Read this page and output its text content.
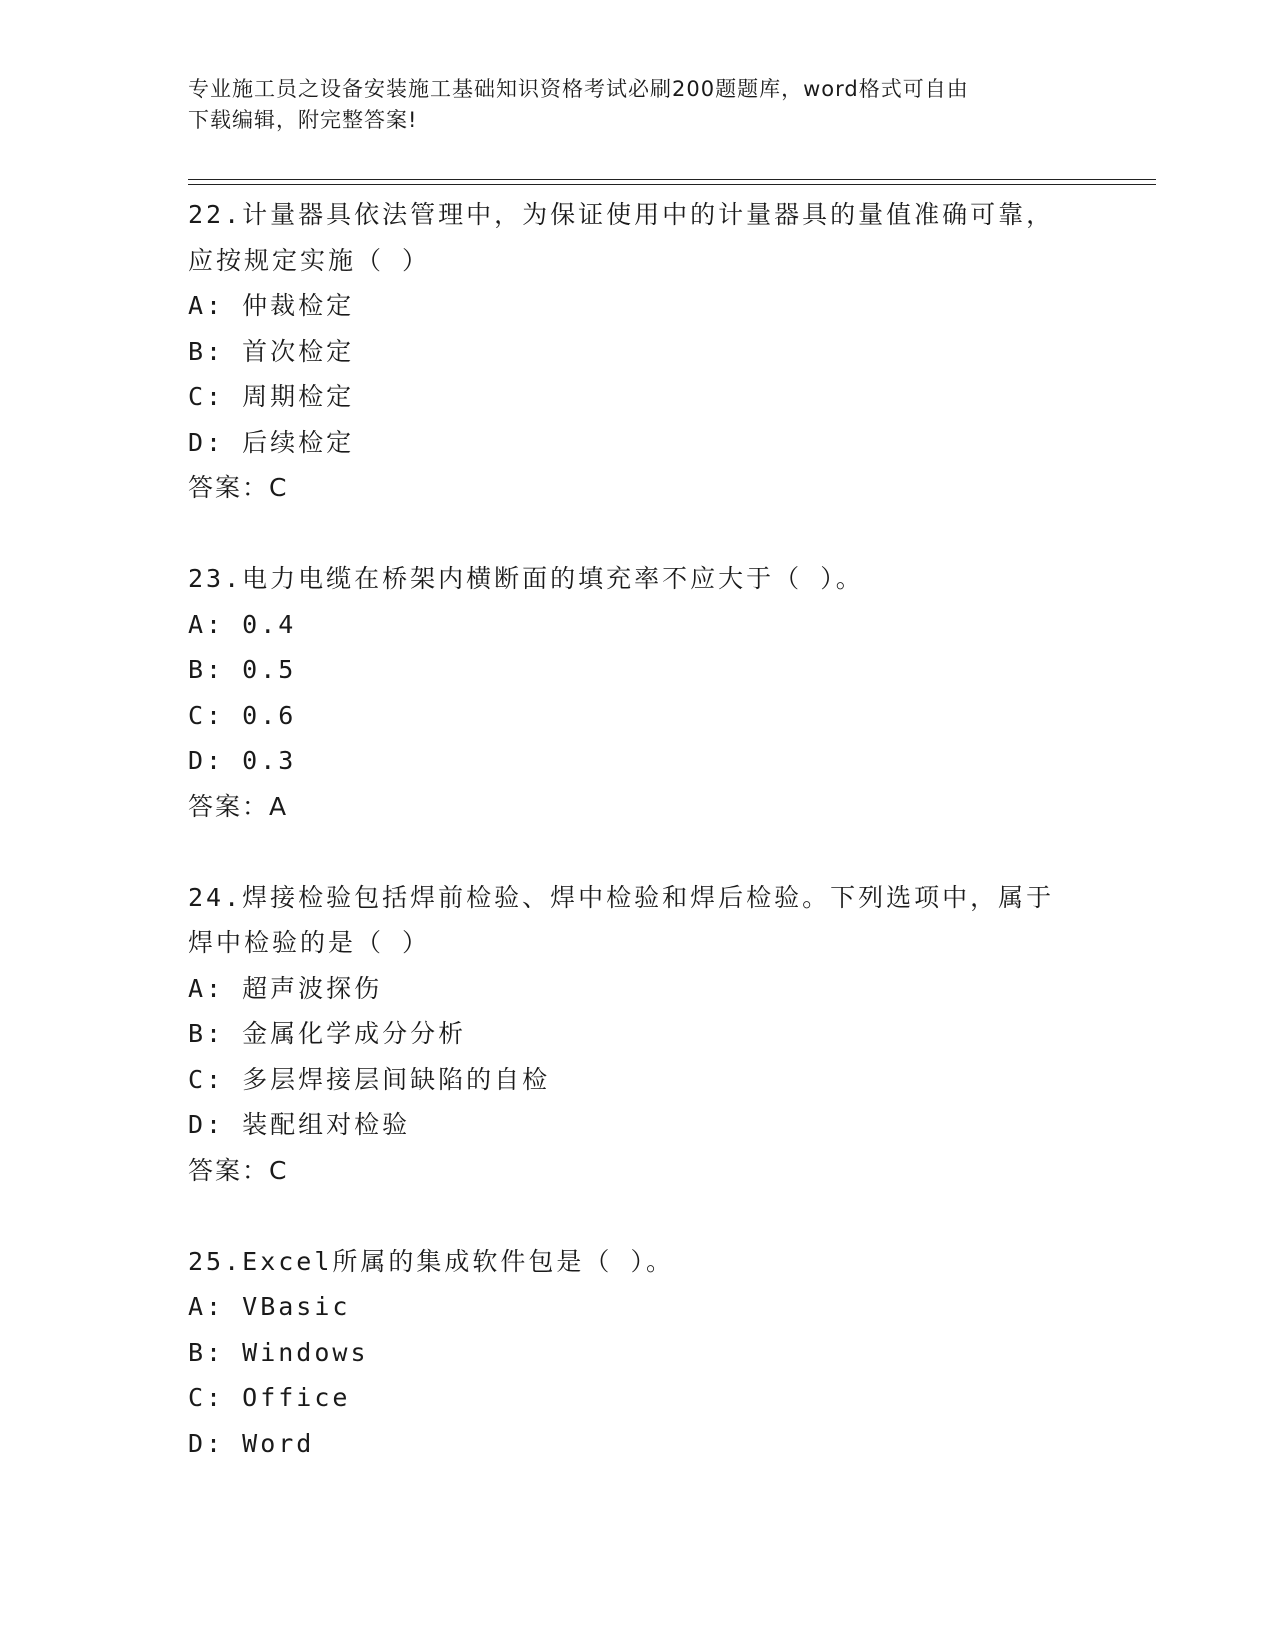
专业施工员之设备安装施工基础知识资格考试必刷200题题库，word格式可自由
下载编辑，附完整答案!

22.计量器具依法管理中，为保证使用中的计量器具的量值准确可靠，

应按规定实施（ ）

A: 仲裁检定

B: 首次检定

C: 周期检定

D: 后续检定

答案：C

23.电力电缆在桥架内横断面的填充率不应大于（ ）。

A: 0.4

B: 0.5

C: 0.6

D: 0.3

答案：A

24.焊接检验包括焊前检验、焊中检验和焊后检验。下列选项中，属于

焊中检验的是（ ）

A: 超声波探伤

B: 金属化学成分分析

C: 多层焊接层间缺陷的自检

D: 装配组对检验

答案：C

25.Excel所属的集成软件包是（ ）。

A: VBasic

B: Windows

C: Office

D: Word
